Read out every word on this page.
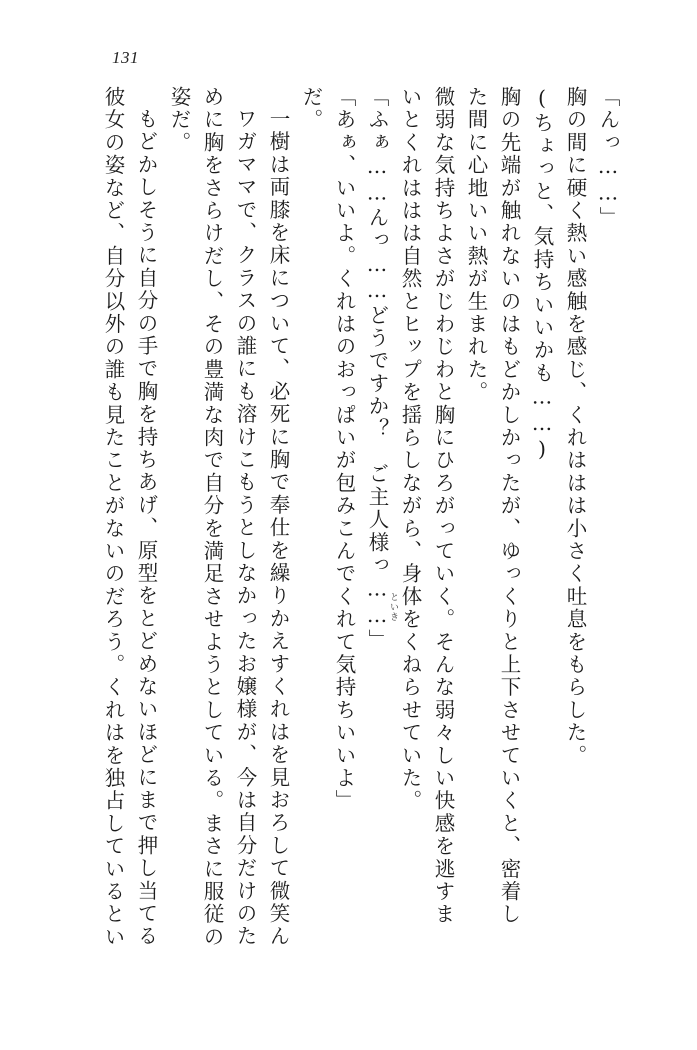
131
「んっ……」
胸の間に硬く熱い感触を感じ、くれははは小さく吐息をもらした。
(ちょっと、気持ちいいかも……)
胸の先端が触れないのはもどかしかったが、ゆっくりと上下させていくと、密着し
た間に心地いい熱が生まれた。
微弱な気持ちよさがじわじわと胸にひろがっていく。そんな弱々しい快感を逃すま
いとくれははは自然とヒップを揺らしながら、身体をくねらせていた。
「ふぁ……んっ……どうですか？　ご主人様っ……」
「あぁ、いいよ。くれはのおっぱいが包みこんでくれて気持ちいいよ」
だ。
一樹は両膝を床について、必死に胸で奉仕を繰りかえすくれはを見おろして微笑ん
ワガママで、クラスの誰にも溶けこもうとしなかったお嬢様が、今は自分だけのた
めに胸をさらけだし、その豊満な肉で自分を満足させようとしている。まさに服従の
姿だ。
もどかしそうに自分の手で胸を持ちあげ、原型をとどめないほどにまで押し当てる
彼女の姿など、自分以外の誰も見たことがないのだろう。くれはを独占しているとい	といき
